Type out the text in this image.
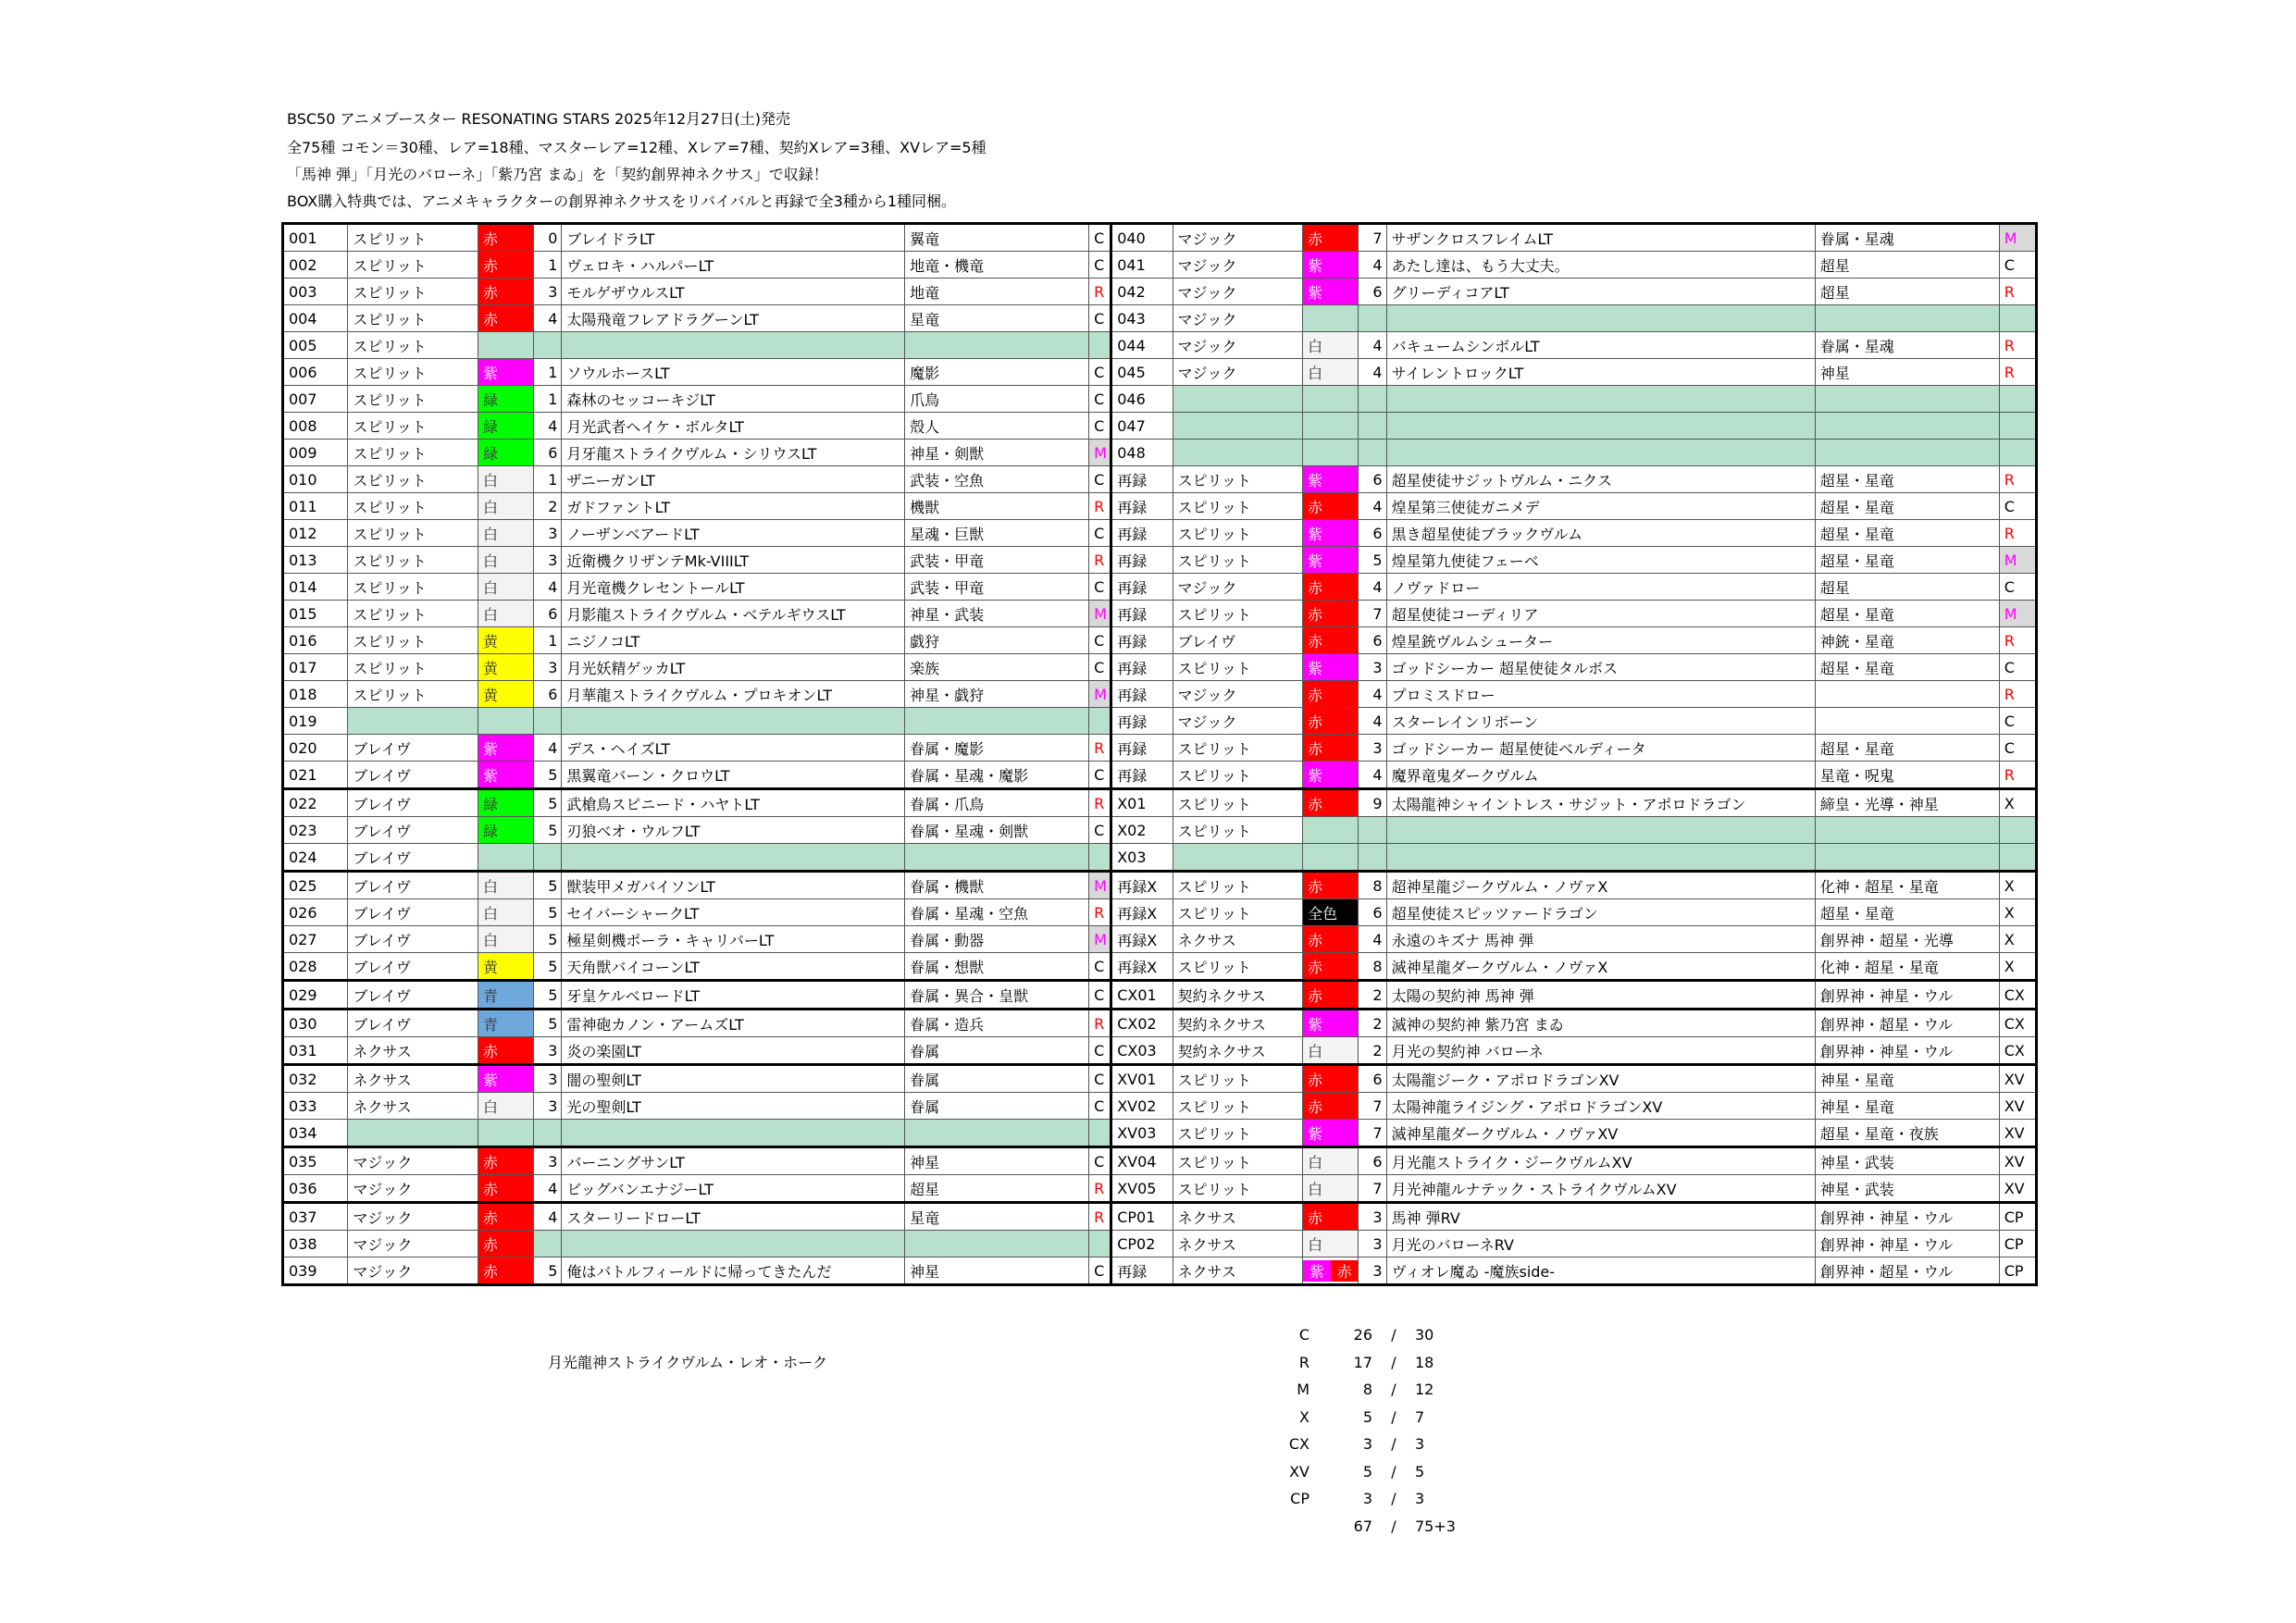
BSC50 アニメブースター RESONATING STARS 2025年12月27日(土)発売
全75種 コモン＝30種、レア=18種、マスターレア=12種、Xレア=7種、契約Xレア=3種、XVレア=5種
「馬神 弾」「月光のバローネ」「紫乃宮 まゐ」を「契約創界神ネクサス」で収録！
BOX購入特典では、アニメキャラクターの創界神ネクサスをリバイバルと再録で全3種から1種同梱。
001	スピリット	赤	0	ブレイドラLT	翼竜	C	040	マジック	赤	7	サザンクロスフレイムLT	眷属・星魂	M
002	スピリット	赤	1	ヴェロキ・ハルパーLT	地竜・機竜	C	041	マジック	紫	4	あたし達は、もう大丈夫。	超星	C
003	スピリット	赤	3	モルゲザウルスLT	地竜	R	042	マジック	紫	6	グリーディコアLT	超星	R
004	スピリット	赤	4	太陽飛竜フレアドラグーンLT	星竜	C	043	マジック					
005	スピリット						044	マジック	白	4	バキュームシンボルLT	眷属・星魂	R
006	スピリット	紫	1	ソウルホースLT	魔影	C	045	マジック	白	4	サイレントロックLT	神星	R
007	スピリット	緑	1	森林のセッコーキジLT	爪鳥	C	046						
008	スピリット	緑	4	月光武者ヘイケ・ボルタLT	殻人	C	047						
009	スピリット	緑	6	月牙龍ストライクヴルム・シリウスLT	神星・剣獣	M	048						
010	スピリット	白	1	ザニーガンLT	武装・空魚	C	再録	スピリット	紫	6	超星使徒サジットヴルム・ニクス	超星・星竜	R
011	スピリット	白	2	ガドファントLT	機獣	R	再録	スピリット	赤	4	煌星第三使徒ガニメデ	超星・星竜	C
012	スピリット	白	3	ノーザンベアードLT	星魂・巨獣	C	再録	スピリット	紫	6	黒き超星使徒ブラックヴルム	超星・星竜	R
013	スピリット	白	3	近衛機クリザンテMk-VIIILT	武装・甲竜	R	再録	スピリット	紫	5	煌星第九使徒フェーベ	超星・星竜	M
014	スピリット	白	4	月光竜機クレセントールLT	武装・甲竜	C	再録	マジック	赤	4	ノヴァドロー	超星	C
015	スピリット	白	6	月影龍ストライクヴルム・ベテルギウスLT	神星・武装	M	再録	スピリット	赤	7	超星使徒コーディリア	超星・星竜	M
016	スピリット	黄	1	ニジノコLT	戯狩	C	再録	ブレイヴ	赤	6	煌星銃ヴルムシューター	神銃・星竜	R
017	スピリット	黄	3	月光妖精ゲッカLT	楽族	C	再録	スピリット	紫	3	ゴッドシーカー 超星使徒タルボス	超星・星竜	C
018	スピリット	黄	6	月華龍ストライクヴルム・プロキオンLT	神星・戯狩	M	再録	マジック	赤	4	プロミスドロー		R
019							再録	マジック	赤	4	スターレインリボーン		C
020	ブレイヴ	紫	4	デス・ヘイズLT	眷属・魔影	R	再録	スピリット	赤	3	ゴッドシーカー 超星使徒ベルディータ	超星・星竜	C
021	ブレイヴ	紫	5	黒翼竜バーン・クロウLT	眷属・星魂・魔影	C	再録	スピリット	紫	4	魔界竜鬼ダークヴルム	星竜・呪鬼	R
022	ブレイヴ	緑	5	武槍鳥スピニード・ハヤトLT	眷属・爪鳥	R	X01	スピリット	赤	9	太陽龍神シャイントレス・サジット・アポロドラゴン	締皇・光導・神星	X
023	ブレイヴ	緑	5	刃狼ベオ・ウルフLT	眷属・星魂・剣獣	C	X02	スピリット					
024	ブレイヴ						X03						
025	ブレイヴ	白	5	獣装甲メガバイソンLT	眷属・機獣	M	再録X	スピリット	赤	8	超神星龍ジークヴルム・ノヴァX	化神・超星・星竜	X
026	ブレイヴ	白	5	セイバーシャークLT	眷属・星魂・空魚	R	再録X	スピリット	全色	6	超星使徒スピッツァードラゴン	超星・星竜	X
027	ブレイヴ	白	5	極星剣機ポーラ・キャリバーLT	眷属・動器	M	再録X	ネクサス	赤	4	永遠のキズナ 馬神 弾	創界神・超星・光導	X
028	ブレイヴ	黄	5	天角獣バイコーンLT	眷属・想獣	C	再録X	スピリット	赤	8	滅神星龍ダークヴルム・ノヴァX	化神・超星・星竜	X
029	ブレイヴ	青	5	牙皇ケルベロードLT	眷属・異合・皇獣	C	CX01	契約ネクサス	赤	2	太陽の契約神 馬神 弾	創界神・神星・ウル	CX
030	ブレイヴ	青	5	雷神砲カノン・アームズLT	眷属・造兵	R	CX02	契約ネクサス	紫	2	滅神の契約神 紫乃宮 まゐ	創界神・超星・ウル	CX
031	ネクサス	赤	3	炎の楽園LT	眷属	C	CX03	契約ネクサス	白	2	月光の契約神 バローネ	創界神・神星・ウル	CX
032	ネクサス	紫	3	闇の聖剣LT	眷属	C	XV01	スピリット	赤	6	太陽龍ジーク・アポロドラゴンXV	神星・星竜	XV
033	ネクサス	白	3	光の聖剣LT	眷属	C	XV02	スピリット	赤	7	太陽神龍ライジング・アポロドラゴンXV	神星・星竜	XV
034							XV03	スピリット	紫	7	滅神星龍ダークヴルム・ノヴァXV	超星・星竜・夜族	XV
035	マジック	赤	3	バーニングサンLT	神星	C	XV04	スピリット	白	6	月光龍ストライク・ジークヴルムXV	神星・武装	XV
036	マジック	赤	4	ビッグバンエナジーLT	超星	R	XV05	スピリット	白	7	月光神龍ルナテック・ストライクヴルムXV	神星・武装	XV
037	マジック	赤	4	スターリードローLT	星竜	R	CP01	ネクサス	赤	3	馬神 弾RV	創界神・神星・ウル	CP
038	マジック	赤					CP02	ネクサス	白	3	月光のバローネRV	創界神・神星・ウル	CP
039	マジック	赤	5	俺はバトルフィールドに帰ってきたんだ	神星	C	再録	ネクサス	紫 赤	3	ヴィオレ魔ゐ -魔族side-	創界神・超星・ウル	CP
月光龍神ストライクヴルム・レオ・ホーク
C	26	/	30
R	17	/	18
M	8	/	12
X	5	/	7
CX	3	/	3
XV	5	/	5
CP	3	/	3
	67	/	75+3
